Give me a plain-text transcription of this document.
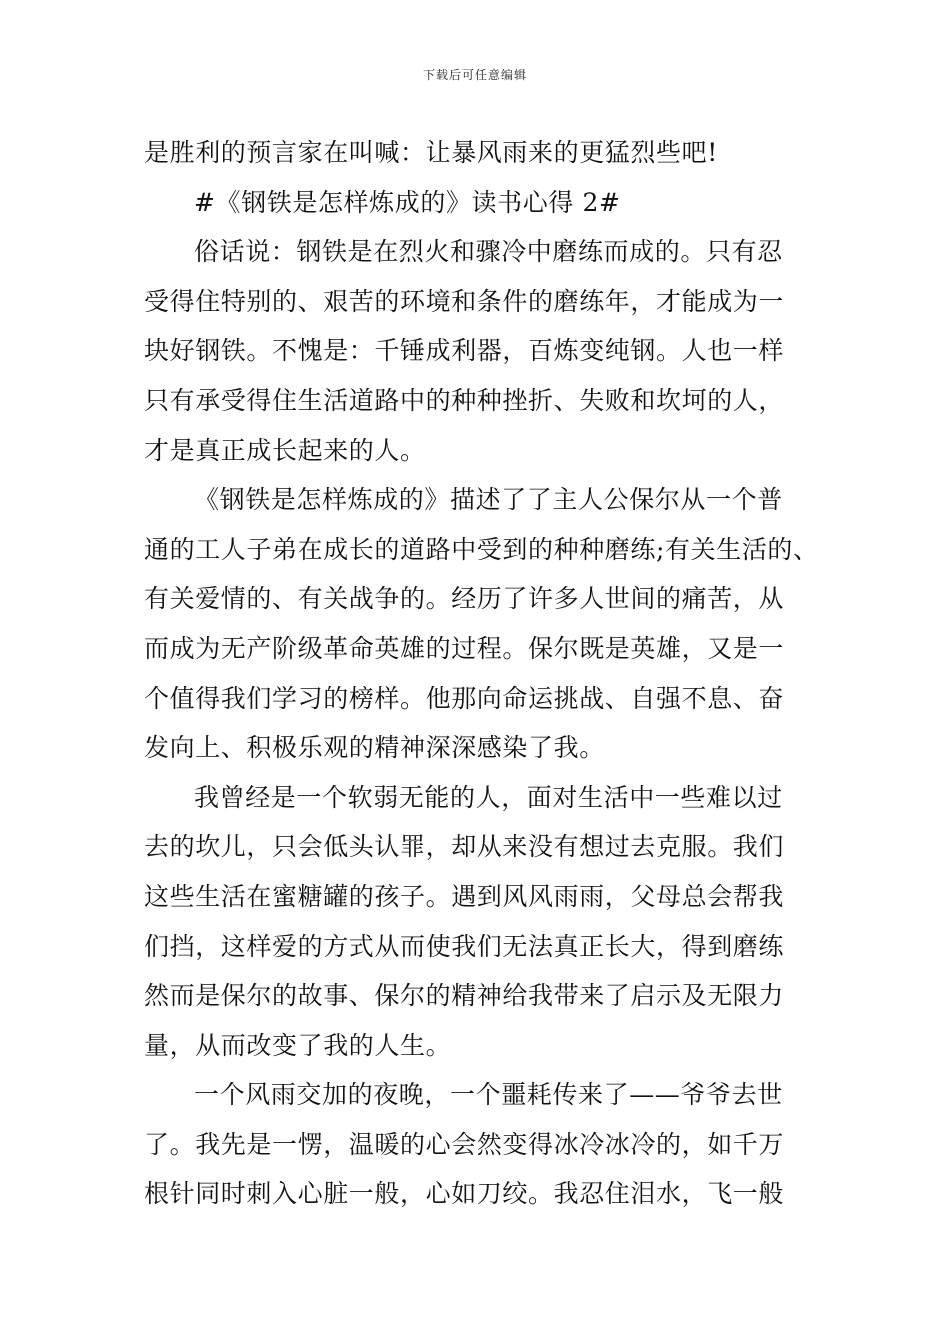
下载后可任意编辑
是胜利的预言家在叫喊：让暴风雨来的更猛烈些吧!
#《钢铁是怎样炼成的》读书心得 2#
俗话说：钢铁是在烈火和骤冷中磨练而成的。只有忍
受得住特别的、艰苦的环境和条件的磨练年，才能成为一
块好钢铁。不愧是：千锤成利器，百炼变纯钢。人也一样
只有承受得住生活道路中的种种挫折、失败和坎坷的人，
才是真正成长起来的人。
《钢铁是怎样炼成的》描述了了主人公保尔从一个普
通的工人子弟在成长的道路中受到的种种磨练;有关生活的、
有关爱情的、有关战争的。经历了许多人世间的痛苦，从
而成为无产阶级革命英雄的过程。保尔既是英雄，又是一
个值得我们学习的榜样。他那向命运挑战、自强不息、奋
发向上、积极乐观的精神深深感染了我。
我曾经是一个软弱无能的人，面对生活中一些难以过
去的坎儿，只会低头认罪，却从来没有想过去克服。我们
这些生活在蜜糖罐的孩子。遇到风风雨雨，父母总会帮我
们挡，这样爱的方式从而使我们无法真正长大，得到磨练
然而是保尔的故事、保尔的精神给我带来了启示及无限力
量，从而改变了我的人生。
一个风雨交加的夜晚，一个噩耗传来了——爷爷去世
了。我先是一愣，温暖的心会然变得冰冷冰冷的，如千万
根针同时刺入心脏一般，心如刀绞。我忍住泪水，飞一般
